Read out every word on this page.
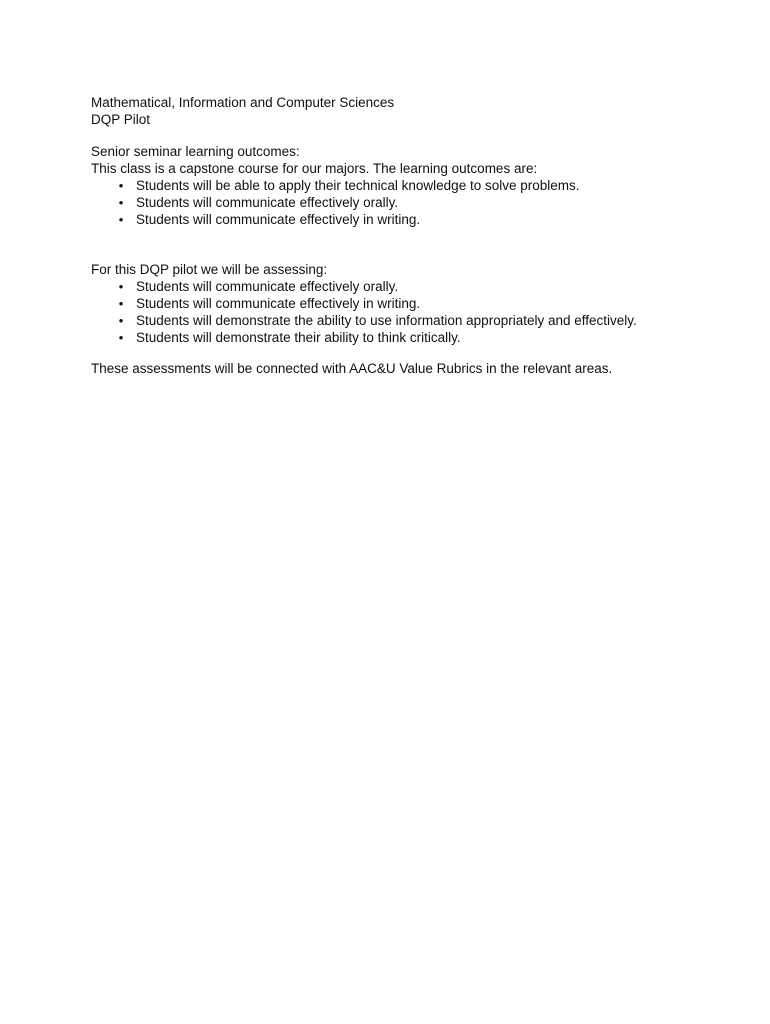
Mathematical, Information and Computer Sciences
DQP Pilot
Senior seminar learning outcomes:
This class is a capstone course for our majors. The learning outcomes are:
• Students will be able to apply their technical knowledge to solve problems.
• Students will communicate effectively orally.
• Students will communicate effectively in writing.
For this DQP pilot we will be assessing:
• Students will communicate effectively orally.
• Students will communicate effectively in writing.
• Students will demonstrate the ability to use information appropriately and effectively.
• Students will demonstrate their ability to think critically.
These assessments will be connected with AAC&U Value Rubrics in the relevant areas.
